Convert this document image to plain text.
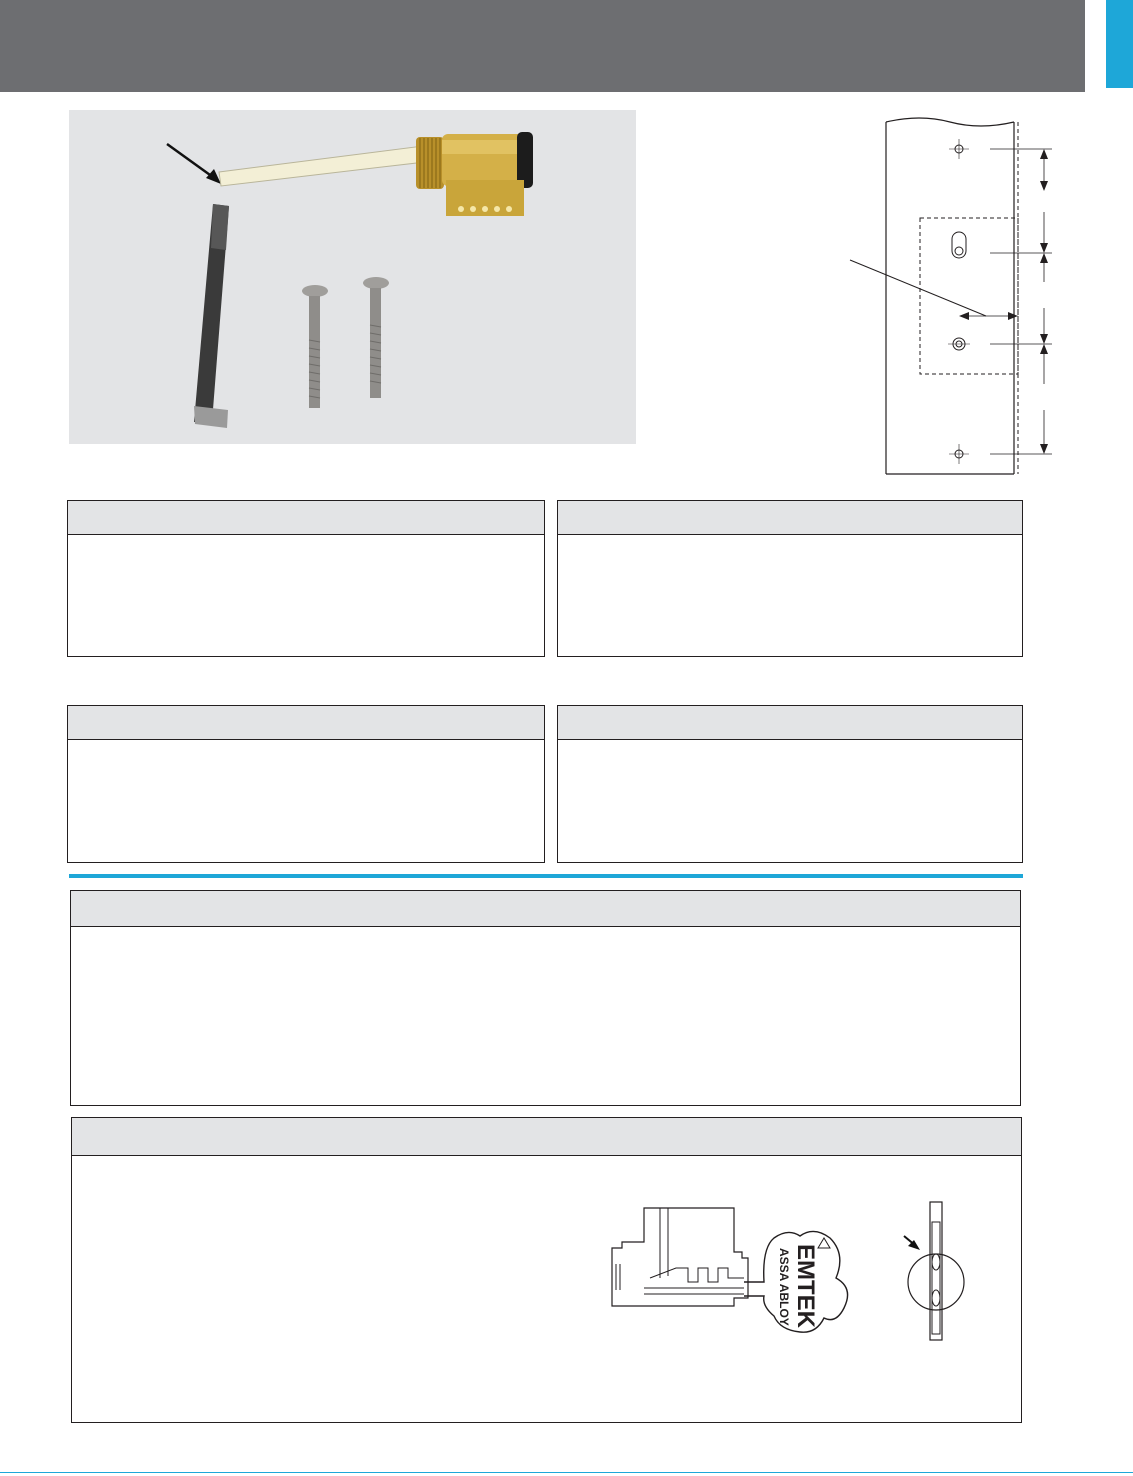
EMTEK
ASSA ABLOY
